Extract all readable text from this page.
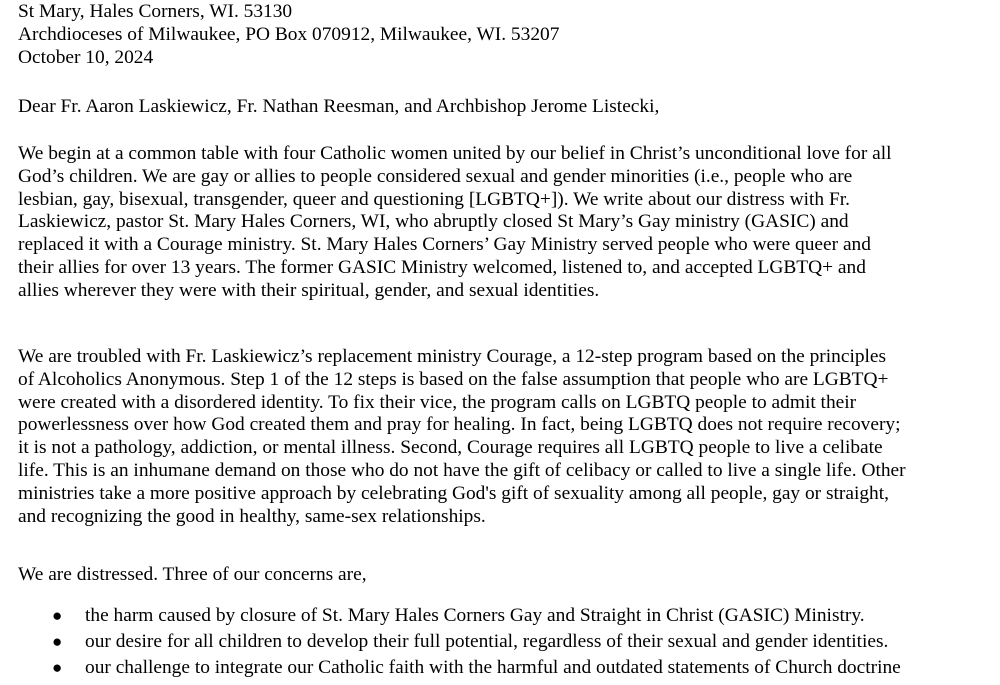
St Mary, Hales Corners, WI. 53130
Archdioceses of Milwaukee, PO Box 070912, Milwaukee, WI. 53207
October 10, 2024
Dear Fr. Aaron Laskiewicz, Fr. Nathan Reesman, and Archbishop Jerome Listecki,
We begin at a common table with four Catholic women united by our belief in Christ’s unconditional love for all
God’s children. We are gay or allies to people considered sexual and gender minorities (i.e., people who are
lesbian, gay, bisexual, transgender, queer and questioning [LGBTQ+]). We write about our distress with Fr.
Laskiewicz, pastor St. Mary Hales Corners, WI, who abruptly closed St Mary’s Gay ministry (GASIC) and
replaced it with a Courage ministry. St. Mary Hales Corners’ Gay Ministry served people who were queer and
their allies for over 13 years. The former GASIC Ministry welcomed, listened to, and accepted LGBTQ+ and
allies wherever they were with their spiritual, gender, and sexual identities.
We are troubled with Fr. Laskiewicz’s replacement ministry Courage, a 12-step program based on the principles
of Alcoholics Anonymous. Step 1 of the 12 steps is based on the false assumption that people who are LGBTQ+
were created with a disordered identity. To fix their vice, the program calls on LGBTQ people to admit their
powerlessness over how God created them and pray for healing. In fact, being LGBTQ does not require recovery;
it is not a pathology, addiction, or mental illness. Second, Courage requires all LGBTQ people to live a celibate
life. This is an inhumane demand on those who do not have the gift of celibacy or called to live a single life. Other
ministries take a more positive approach by celebrating God's gift of sexuality among all people, gay or straight,
and recognizing the good in healthy, same-sex relationships.
We are distressed. Three of our concerns are,
● the harm caused by closure of St. Mary Hales Corners Gay and Straight in Christ (GASIC) Ministry.
● our desire for all children to develop their full potential, regardless of their sexual and gender identities.
● our challenge to integrate our Catholic faith with the harmful and outdated statements of Church doctrine
